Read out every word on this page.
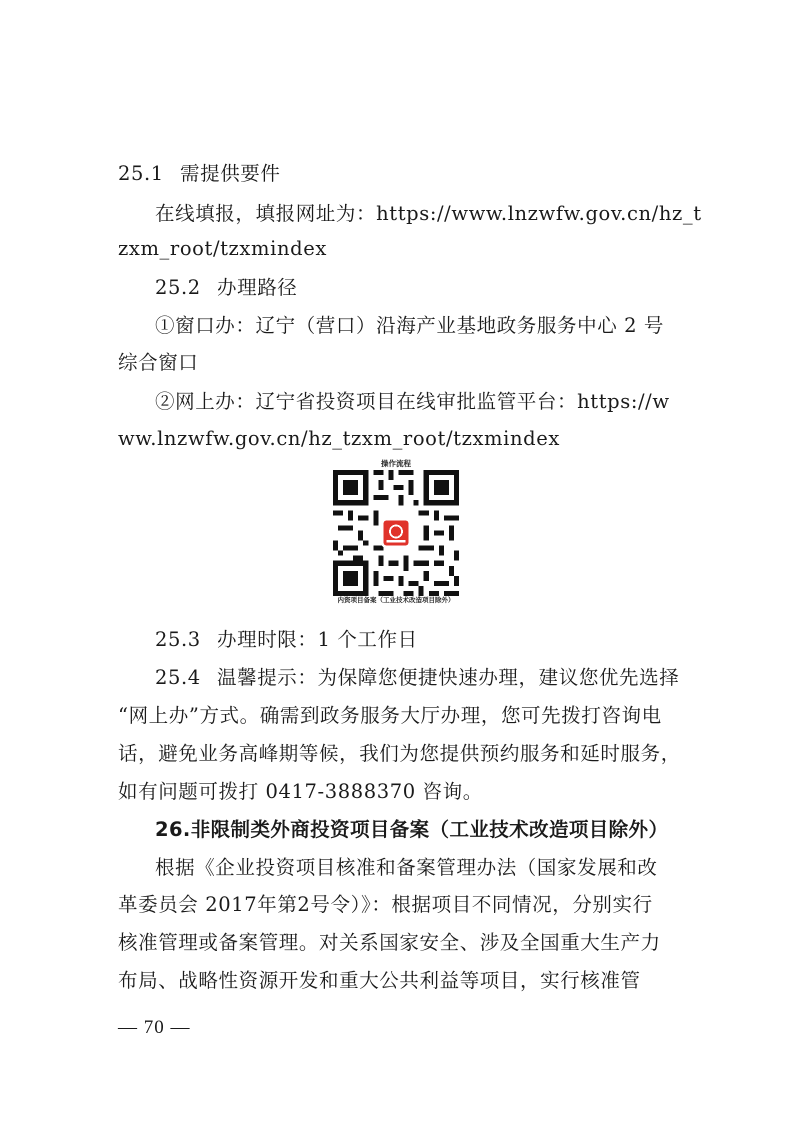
25.1 需提供要件
在线填报，填报网址为：https://www.lnzwfw.gov.cn/hz_t
zxm_root/tzxmindex
25.2 办理路径
①窗口办：辽宁（营口）沿海产业基地政务服务中心 2 号
综合窗口
②网上办：辽宁省投资项目在线审批监管平台：https://w
ww.lnzwfw.gov.cn/hz_tzxm_root/tzxmindex
操作流程
内资项目备案（工业技术改造项目除外）
25.3 办理时限：1 个工作日
25.4 温馨提示：为保障您便捷快速办理，建议您优先选择
“网上办”方式。确需到政务服务大厅办理，您可先拨打咨询电
话，避免业务高峰期等候，我们为您提供预约服务和延时服务，
如有问题可拨打 0417-3888370 咨询。
26.非限制类外商投资项目备案（工业技术改造项目除外）
根据《企业投资项目核准和备案管理办法（国家发展和改
革委员会 2017年第2号令）》：根据项目不同情况，分别实行
核准管理或备案管理。对关系国家安全、涉及全国重大生产力
布局、战略性资源开发和重大公共利益等项目，实行核准管
— 70 —
